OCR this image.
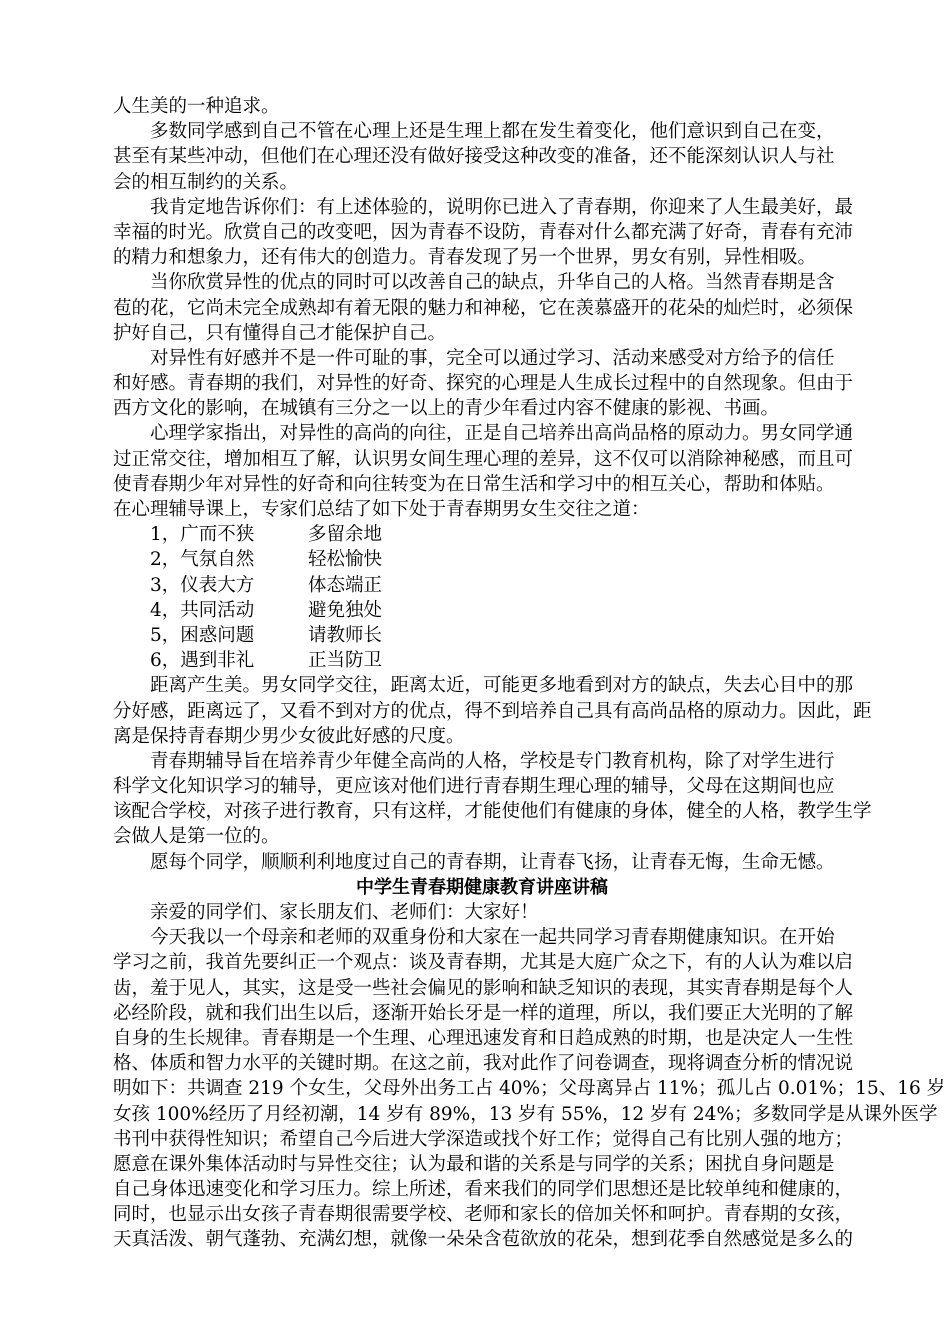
人生美的一种追求。
多数同学感到自己不管在心理上还是生理上都在发生着变化，他们意识到自己在变，
甚至有某些冲动，但他们在心理还没有做好接受这种改变的准备，还不能深刻认识人与社
会的相互制约的关系。
我肯定地告诉你们：有上述体验的，说明你已进入了青春期，你迎来了人生最美好，最
幸福的时光。欣赏自己的改变吧，因为青春不设防，青春对什么都充满了好奇，青春有充沛
的精力和想象力，还有伟大的创造力。青春发现了另一个世界，男女有别，异性相吸。
当你欣赏异性的优点的同时可以改善自己的缺点，升华自己的人格。当然青春期是含
苞的花，它尚未完全成熟却有着无限的魅力和神秘，它在羡慕盛开的花朵的灿烂时，必须保
护好自己，只有懂得自己才能保护自己。
对异性有好感并不是一件可耻的事，完全可以通过学习、活动来感受对方给予的信任
和好感。青春期的我们，对异性的好奇、探究的心理是人生成长过程中的自然现象。但由于
西方文化的影响，在城镇有三分之一以上的青少年看过内容不健康的影视、书画。
心理学家指出，对异性的高尚的向往，正是自己培养出高尚品格的原动力。男女同学通
过正常交往，增加相互了解，认识男女间生理心理的差异，这不仅可以消除神秘感，而且可
使青春期少年对异性的好奇和向往转变为在日常生活和学习中的相互关心，帮助和体贴。
在心理辅导课上，专家们总结了如下处于青春期男女生交往之道：
1，广而不狭	多留余地
2，气氛自然	轻松愉快
3，仪表大方	体态端正
4，共同活动	避免独处
5，困惑问题	请教师长
6，遇到非礼	正当防卫
距离产生美。男女同学交往，距离太近，可能更多地看到对方的缺点，失去心目中的那
分好感，距离远了，又看不到对方的优点，得不到培养自己具有高尚品格的原动力。因此，距
离是保持青春期少男少女彼此好感的尺度。
青春期辅导旨在培养青少年健全高尚的人格，学校是专门教育机构，除了对学生进行
科学文化知识学习的辅导，更应该对他们进行青春期生理心理的辅导，父母在这期间也应
该配合学校，对孩子进行教育，只有这样，才能使他们有健康的身体，健全的人格，教学生学
会做人是第一位的。
愿每个同学，顺顺利利地度过自己的青春期，让青春飞扬，让青春无悔，生命无憾。
中学生青春期健康教育讲座讲稿
亲爱的同学们、家长朋友们、老师们：大家好！
今天我以一个母亲和老师的双重身份和大家在一起共同学习青春期健康知识。在开始
学习之前，我首先要纠正一个观点：谈及青春期，尤其是大庭广众之下，有的人认为难以启
齿，羞于见人，其实，这是受一些社会偏见的影响和缺乏知识的表现，其实青春期是每个人
必经阶段，就和我们出生以后，逐渐开始长牙是一样的道理，所以，我们要正大光明的了解
自身的生长规律。青春期是一个生理、心理迅速发育和日趋成熟的时期，也是决定人一生性
格、体质和智力水平的关键时期。在这之前，我对此作了问卷调查，现将调查分析的情况说
明如下：共调查 219 个女生，父母外出务工占 40%；父母离异占 11%；孤儿占 0.01%；15、16 岁
女孩 100%经历了月经初潮，14 岁有 89%，13 岁有 55%，12 岁有 24%；多数同学是从课外医学
书刊中获得性知识；希望自己今后进大学深造或找个好工作；觉得自己有比别人强的地方；
愿意在课外集体活动时与异性交往；认为最和谐的关系是与同学的关系；困扰自身问题是
自己身体迅速变化和学习压力。综上所述，看来我们的同学们思想还是比较单纯和健康的，
同时，也显示出女孩子青春期很需要学校、老师和家长的倍加关怀和呵护。青春期的女孩，
天真活泼、朝气蓬勃、充满幻想，就像一朵朵含苞欲放的花朵，想到花季自然感觉是多么的
